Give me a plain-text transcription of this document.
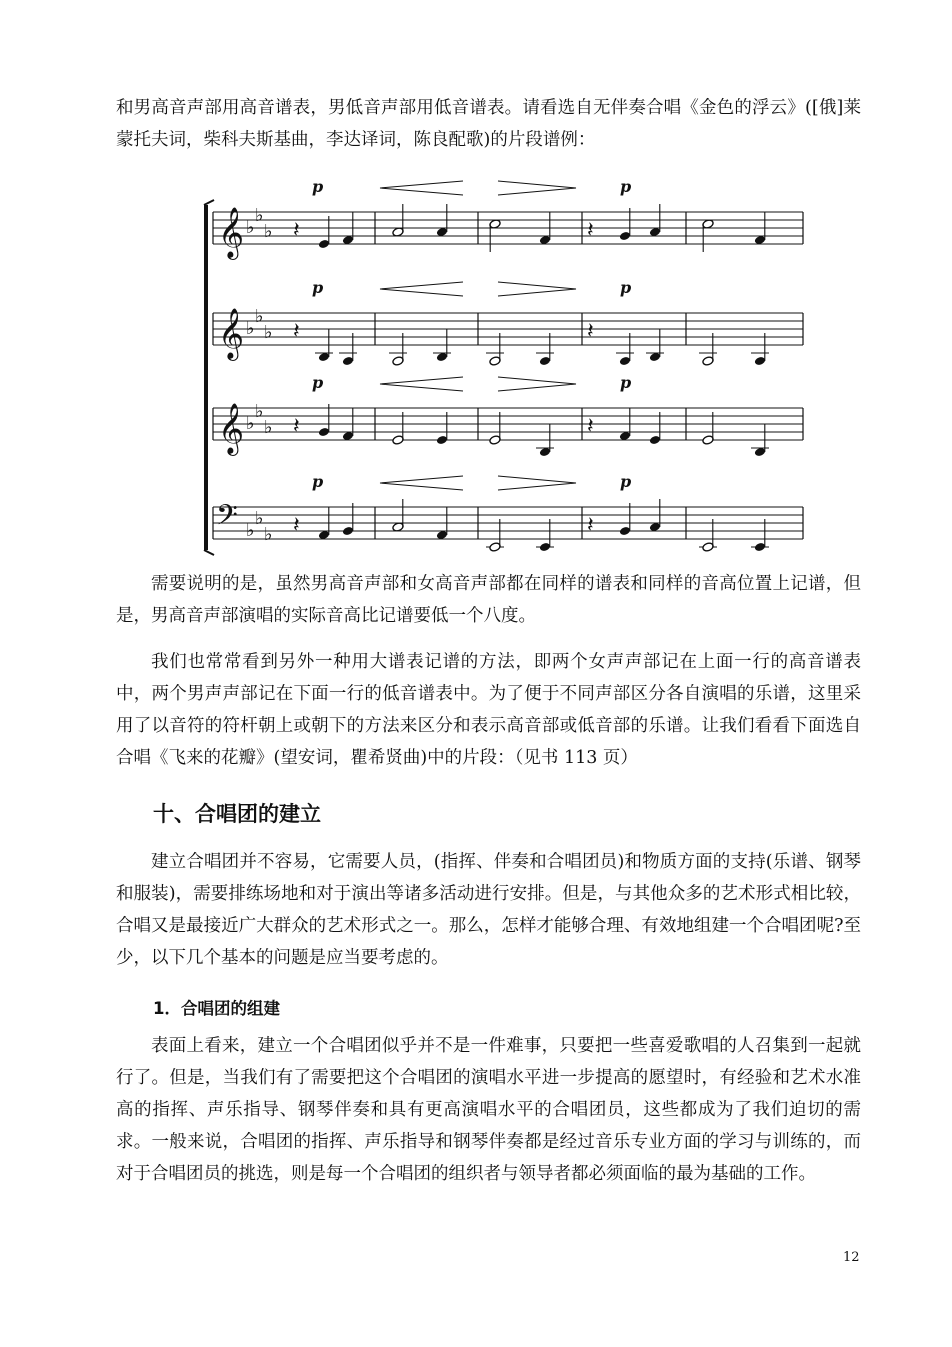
和男高音声部用高音谱表，男低音声部用低音谱表。请看选自无伴奏合唱《金色的浮云》([俄]莱蒙托夫词，柴科夫斯基曲，李达译词，陈良配歌)的片段谱例：

𝄞 ♭
♭
♭ 𝄽	𝄽
p	p
𝄞 ♭
♭
♭ 𝄽	𝄽
p	p
𝄞 ♭
♭
♭ 𝄽	𝄽
p	p
𝄢 ♭
♭
♭ 𝄽	𝄽
p	p

需要说明的是，虽然男高音声部和女高音声部都在同样的谱表和同样的音高位置上记谱，但是，男高音声部演唱的实际音高比记谱要低一个八度。

我们也常常看到另外一种用大谱表记谱的方法，即两个女声声部记在上面一行的高音谱表中，两个男声声部记在下面一行的低音谱表中。为了便于不同声部区分各自演唱的乐谱，这里采用了以音符的符杆朝上或朝下的方法来区分和表示高音部或低音部的乐谱。让我们看看下面选自合唱《飞来的花瓣》(望安词，瞿希贤曲)中的片段：（见书 113 页）

十、合唱团的建立

建立合唱团并不容易，它需要人员，(指挥、伴奏和合唱团员)和物质方面的支持(乐谱、钢琴和服装)，需要排练场地和对于演出等诸多活动进行安排。但是，与其他众多的艺术形式相比较，合唱又是最接近广大群众的艺术形式之一。那么，怎样才能够合理、有效地组建一个合唱团呢?至少，以下几个基本的问题是应当要考虑的。

1．合唱团的组建

表面上看来，建立一个合唱团似乎并不是一件难事，只要把一些喜爱歌唱的人召集到一起就行了。但是，当我们有了需要把这个合唱团的演唱水平进一步提高的愿望时，有经验和艺术水准高的指挥、声乐指导、钢琴伴奏和具有更高演唱水平的合唱团员，这些都成为了我们迫切的需求。一般来说，合唱团的指挥、声乐指导和钢琴伴奏都是经过音乐专业方面的学习与训练的，而对于合唱团员的挑选，则是每一个合唱团的组织者与领导者都必须面临的最为基础的工作。

12
